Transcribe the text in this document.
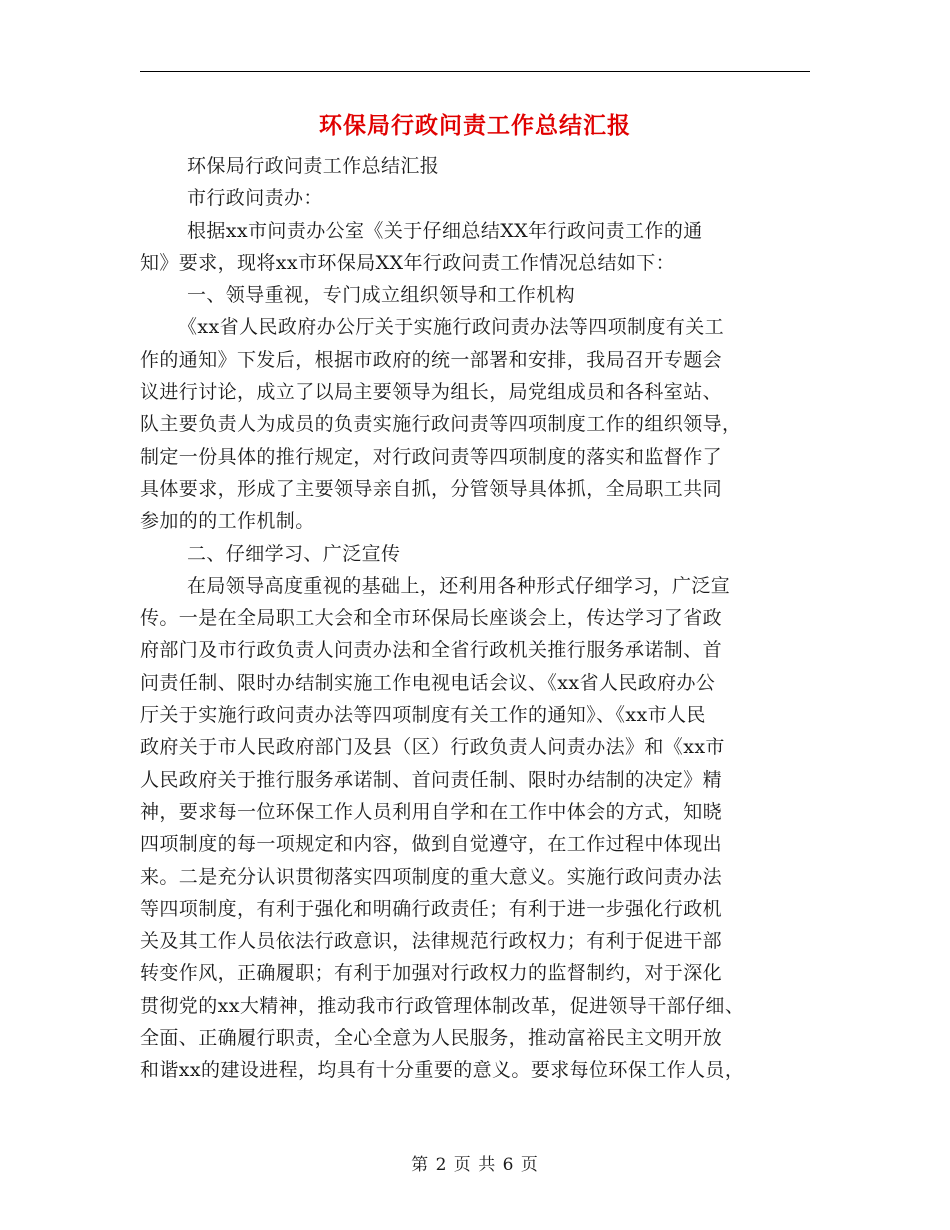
环保局行政问责工作总结汇报
环保局行政问责工作总结汇报
市行政问责办：
根据xx市问责办公室《关于仔细总结XX年行政问责工作的通
知》要求，现将xx市环保局XX年行政问责工作情况总结如下：
一、领导重视，专门成立组织领导和工作机构
《xx省人民政府办公厅关于实施行政问责办法等四项制度有关工
作的通知》下发后，根据市政府的统一部署和安排，我局召开专题会
议进行讨论，成立了以局主要领导为组长，局党组成员和各科室站、
队主要负责人为成员的负责实施行政问责等四项制度工作的组织领导，
制定一份具体的推行规定，对行政问责等四项制度的落实和监督作了
具体要求，形成了主要领导亲自抓，分管领导具体抓，全局职工共同
参加的的工作机制。
二、仔细学习、广泛宣传
在局领导高度重视的基础上，还利用各种形式仔细学习，广泛宣
传。一是在全局职工大会和全市环保局长座谈会上，传达学习了省政
府部门及市行政负责人问责办法和全省行政机关推行服务承诺制、首
问责任制、限时办结制实施工作电视电话会议、《xx省人民政府办公
厅关于实施行政问责办法等四项制度有关工作的通知》、《xx市人民
政府关于市人民政府部门及县（区）行政负责人问责办法》和《xx市
人民政府关于推行服务承诺制、首问责任制、限时办结制的决定》精
神，要求每一位环保工作人员利用自学和在工作中体会的方式，知晓
四项制度的每一项规定和内容，做到自觉遵守，在工作过程中体现出
来。二是充分认识贯彻落实四项制度的重大意义。实施行政问责办法
等四项制度，有利于强化和明确行政责任；有利于进一步强化行政机
关及其工作人员依法行政意识，法律规范行政权力；有利于促进干部
转变作风，正确履职；有利于加强对行政权力的监督制约，对于深化
贯彻党的xx大精神，推动我市行政管理体制改革，促进领导干部仔细、
全面、正确履行职责，全心全意为人民服务，推动富裕民主文明开放
和谐xx的建设进程，均具有十分重要的意义。要求每位环保工作人员，
第 2 页 共 6 页
